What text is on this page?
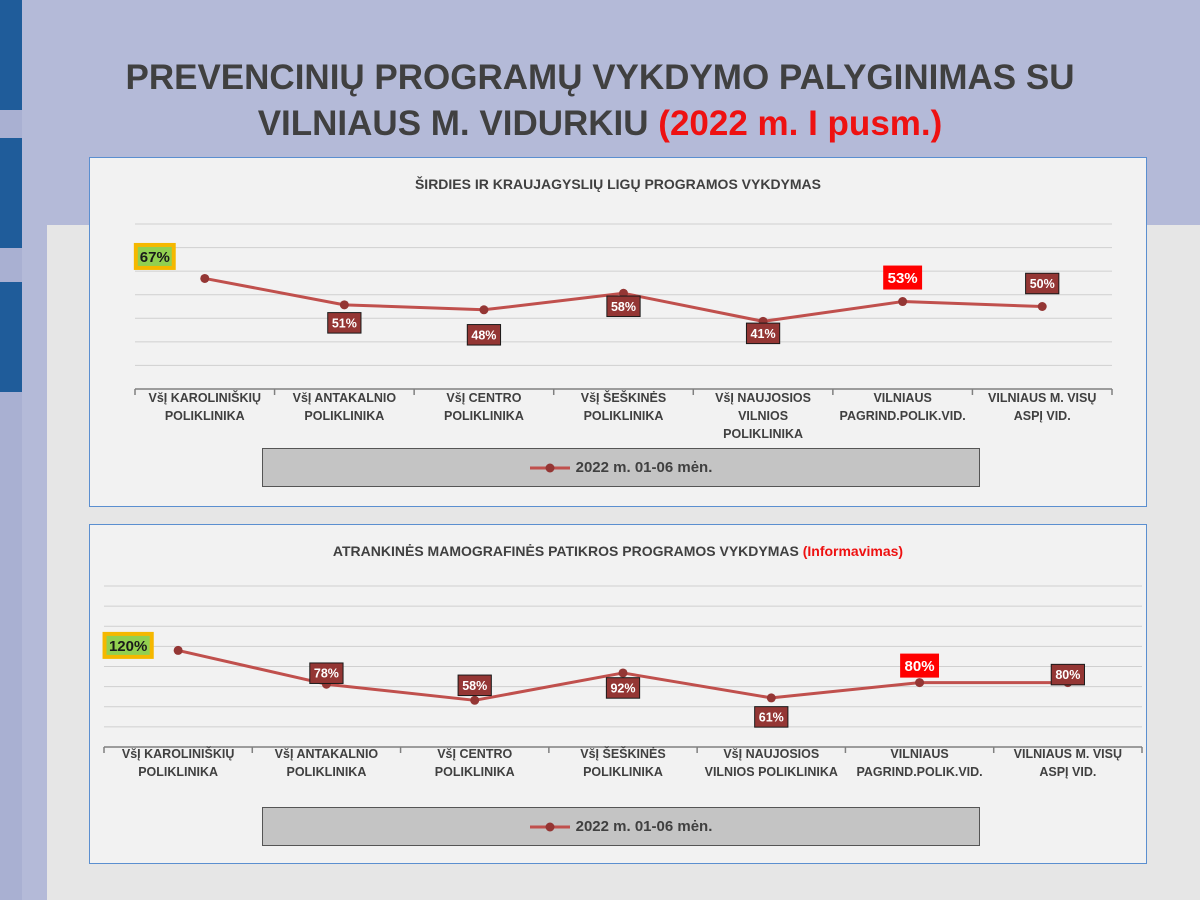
PREVENCINIŲ PROGRAMŲ VYKDYMO PALYGINIMAS SU VILNIAUS M. VIDURKIU (2022 m. I pusm.)
ŠIRDIES IR KRAUJAGYSLIŲ LIGŲ PROGRAMOS VYKDYMAS
VšĮ KAROLINIŠKIŲ POLIKLINIKA
VšĮ ANTAKALNIO POLIKLINIKA
VšĮ CENTRO POLIKLINIKA
VšĮ ŠEŠKINĖS POLIKLINIKA
VšĮ NAUJOSIOS VILNIOS POLIKLINIKA
VILNIAUS PAGRIND.POLIK.VID.
VILNIAUS M. VISŲ ASPĮ VID.
67%
51%
48%
58%
41%
53%	50%
2022 m. 01-06 mėn.
ATRANKINĖS MAMOGRAFINĖS PATIKROS PROGRAMOS VYKDYMAS (Informavimas)
VšĮ KAROLINIŠKIŲ POLIKLINIKA
VšĮ ANTAKALNIO POLIKLINIKA
VšĮ CENTRO POLIKLINIKA
VšĮ ŠEŠKINĖS POLIKLINIKA
VšĮ NAUJOSIOS VILNIOS POLIKLINIKA
VILNIAUS PAGRIND.POLIK.VID.
VILNIAUS M. VISŲ ASPĮ VID.
120%
78%
58%	92%
61%
80%
80%
2022 m. 01-06 mėn.
